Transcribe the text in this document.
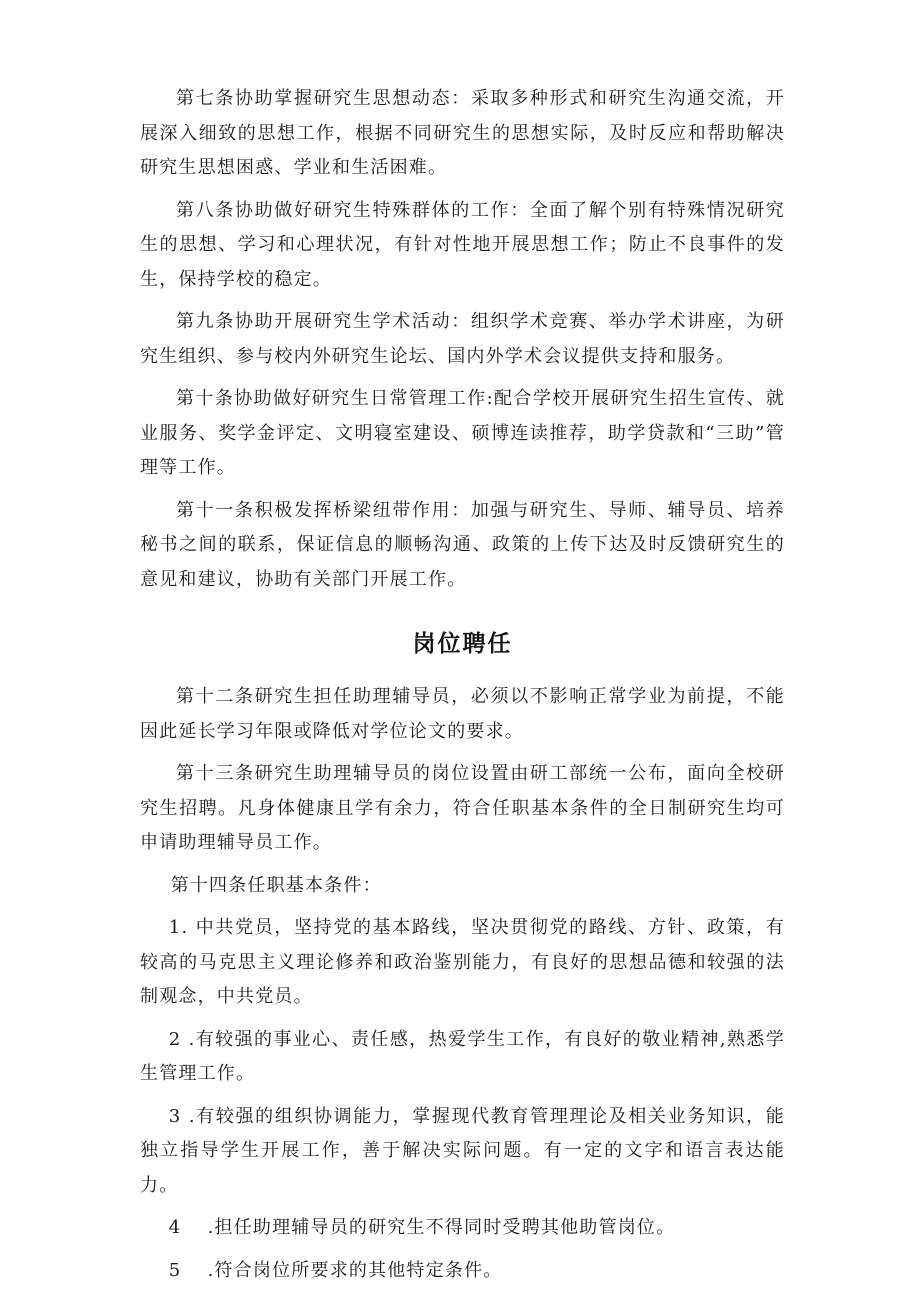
第七条协助掌握研究生思想动态：采取多种形式和研究生沟通交流，开展深入细致的思想工作，根据不同研究生的思想实际，及时反应和帮助解决研究生思想困惑、学业和生活困难。

第八条协助做好研究生特殊群体的工作：全面了解个别有特殊情况研究生的思想、学习和心理状况，有针对性地开展思想工作；防止不良事件的发生，保持学校的稳定。

第九条协助开展研究生学术活动：组织学术竞赛、举办学术讲座，为研究生组织、参与校内外研究生论坛、国内外学术会议提供支持和服务。

第十条协助做好研究生日常管理工作:配合学校开展研究生招生宣传、就业服务、奖学金评定、文明寝室建设、硕博连读推荐，助学贷款和“三助”管理等工作。

第十一条积极发挥桥梁纽带作用：加强与研究生、导师、辅导员、培养秘书之间的联系，保证信息的顺畅沟通、政策的上传下达及时反馈研究生的意见和建议，协助有关部门开展工作。

岗位聘任

第十二条研究生担任助理辅导员，必须以不影响正常学业为前提，不能因此延长学习年限或降低对学位论文的要求。

第十三条研究生助理辅导员的岗位设置由研工部统一公布，面向全校研究生招聘。凡身体健康且学有余力，符合任职基本条件的全日制研究生均可申请助理辅导员工作。

第十四条任职基本条件：

1. 中共党员，坚持党的基本路线，坚决贯彻党的路线、方针、政策，有较高的马克思主义理论修养和政治鉴别能力，有良好的思想品德和较强的法制观念，中共党员。

2 .有较强的事业心、责任感，热爱学生工作，有良好的敬业精神,熟悉学生管理工作。

3 .有较强的组织协调能力，掌握现代教育管理理论及相关业务知识，能独立指导学生开展工作，善于解决实际问题。有一定的文字和语言表达能力。

4　 .担任助理辅导员的研究生不得同时受聘其他助管岗位。

5　 .符合岗位所要求的其他特定条件。
